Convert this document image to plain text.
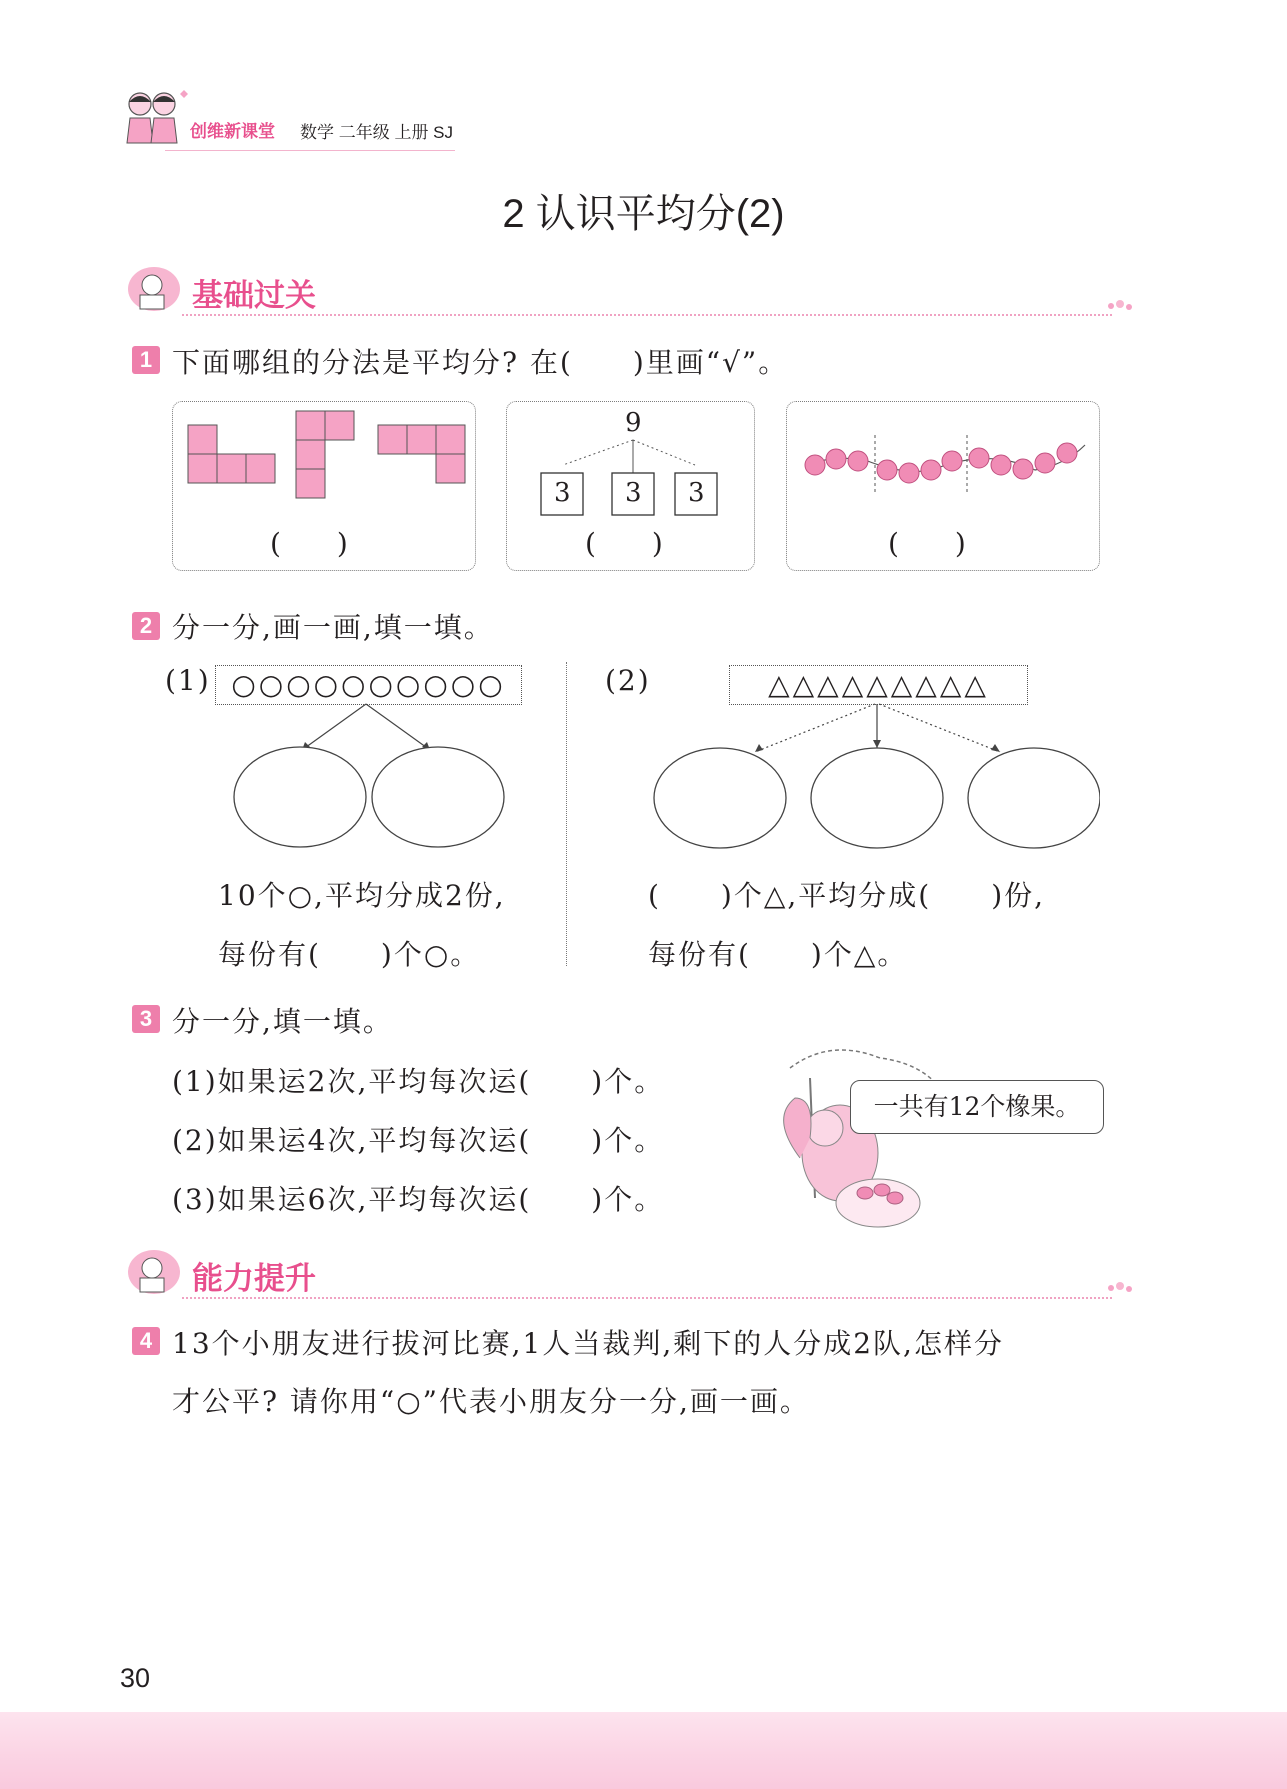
创维新课堂 数学 二年级 上册 SJ
2 认识平均分(2)
基础过关
1 下面哪组的分法是平均分? 在(　　)里画“√”。
(　　)
9
3 3 3
(　　)	(　　)
2 分一分,画一画,填一填。
(1) ○○○○○○○○○○
10个○,平均分成2份,
每份有(　　)个○。
(2)	△△△△△△△△△
(　　)个△,平均分成(　　)份,
每份有(　　)个△。
3 分一分,填一填。
(1)如果运2次,平均每次运(　　)个。
(2)如果运4次,平均每次运(　　)个。
(3)如果运6次,平均每次运(　　)个。
一共有12个橡果。
能力提升
4 13个小朋友进行拔河比赛,1人当裁判,剩下的人分成2队,怎样分
才公平? 请你用“○”代表小朋友分一分,画一画。
30
